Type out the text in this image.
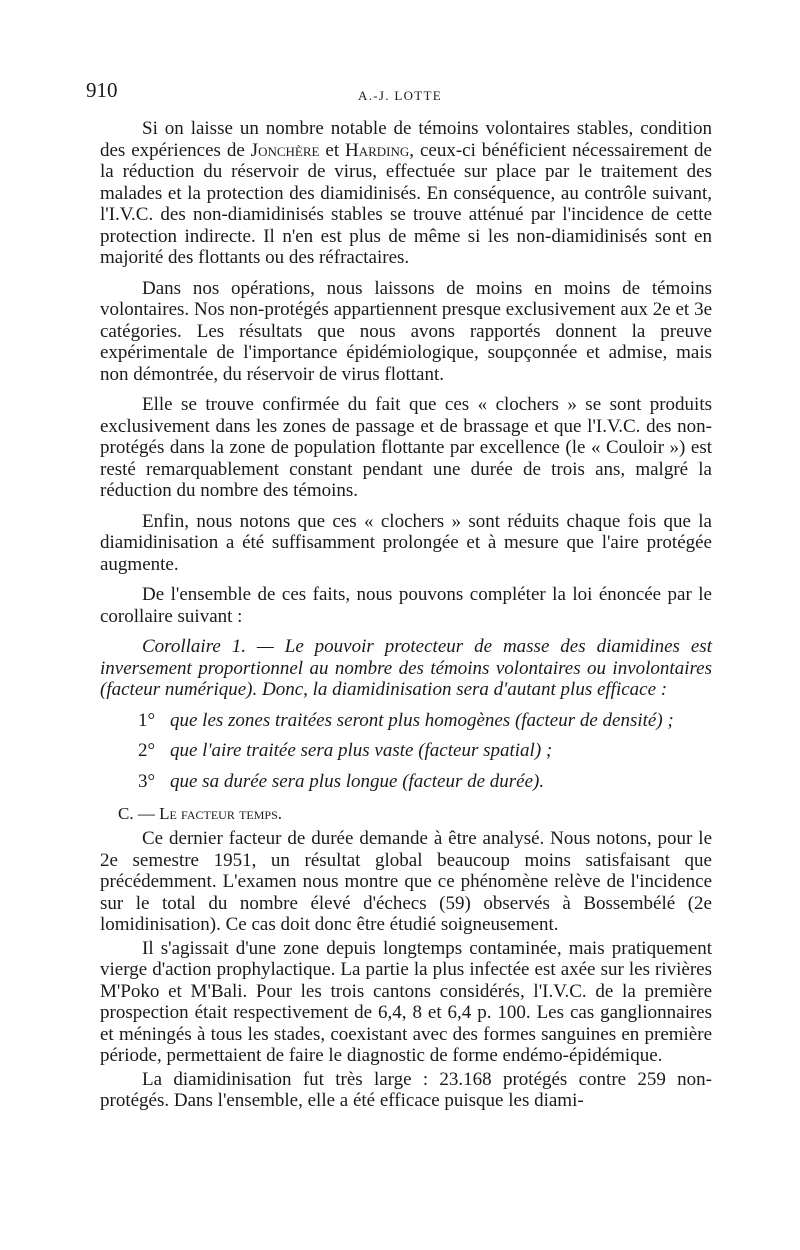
910	A.-J. LOTTE

Si on laisse un nombre notable de témoins volontaires stables, condition des expériences de Jonchère et Harding, ceux-ci bénéficient nécessairement de la réduction du réservoir de virus, effectuée sur place par le traitement des malades et la protection des diamidinisés. En conséquence, au contrôle suivant, l'I.V.C. des non-diamidinisés stables se trouve atténué par l'incidence de cette protection indirecte. Il n'en est plus de même si les non-diamidinisés sont en majorité des flottants ou des réfractaires.

Dans nos opérations, nous laissons de moins en moins de témoins volontaires. Nos non-protégés appartiennent presque exclusivement aux 2e et 3e catégories. Les résultats que nous avons rapportés donnent la preuve expérimentale de l'importance épidémiologique, soupçonnée et admise, mais non démontrée, du réservoir de virus flottant.

Elle se trouve confirmée du fait que ces « clochers » se sont produits exclusivement dans les zones de passage et de brassage et que l'I.V.C. des non-protégés dans la zone de population flottante par excellence (le « Couloir ») est resté remarquablement constant pendant une durée de trois ans, malgré la réduction du nombre des témoins.

Enfin, nous notons que ces « clochers » sont réduits chaque fois que la diamidinisation a été suffisamment prolongée et à mesure que l'aire protégée augmente.

De l'ensemble de ces faits, nous pouvons compléter la loi énoncée par le corollaire suivant :

Corollaire 1. — Le pouvoir protecteur de masse des diamidines est inversement proportionnel au nombre des témoins volontaires ou involontaires (facteur numérique). Donc, la diamidinisation sera d'autant plus efficace :

1° que les zones traitées seront plus homogènes (facteur de densité) ;
2° que l'aire traitée sera plus vaste (facteur spatial) ;
3° que sa durée sera plus longue (facteur de durée).
C. — Le facteur temps.

Ce dernier facteur de durée demande à être analysé. Nous notons, pour le 2e semestre 1951, un résultat global beaucoup moins satisfaisant que précédemment. L'examen nous montre que ce phénomène relève de l'incidence sur le total du nombre élevé d'échecs (59) observés à Bossembélé (2e lomidinisation). Ce cas doit donc être étudié soigneusement.

Il s'agissait d'une zone depuis longtemps contaminée, mais pratiquement vierge d'action prophylactique. La partie la plus infectée est axée sur les rivières M'Poko et M'Bali. Pour les trois cantons considérés, l'I.V.C. de la première prospection était respectivement de 6,4, 8 et 6,4 p. 100. Les cas ganglionnaires et méningés à tous les stades, coexistant avec des formes sanguines en première période, permettaient de faire le diagnostic de forme endémo-épidémique.

La diamidinisation fut très large : 23.168 protégés contre 259 non-protégés. Dans l'ensemble, elle a été efficace puisque les diami-
